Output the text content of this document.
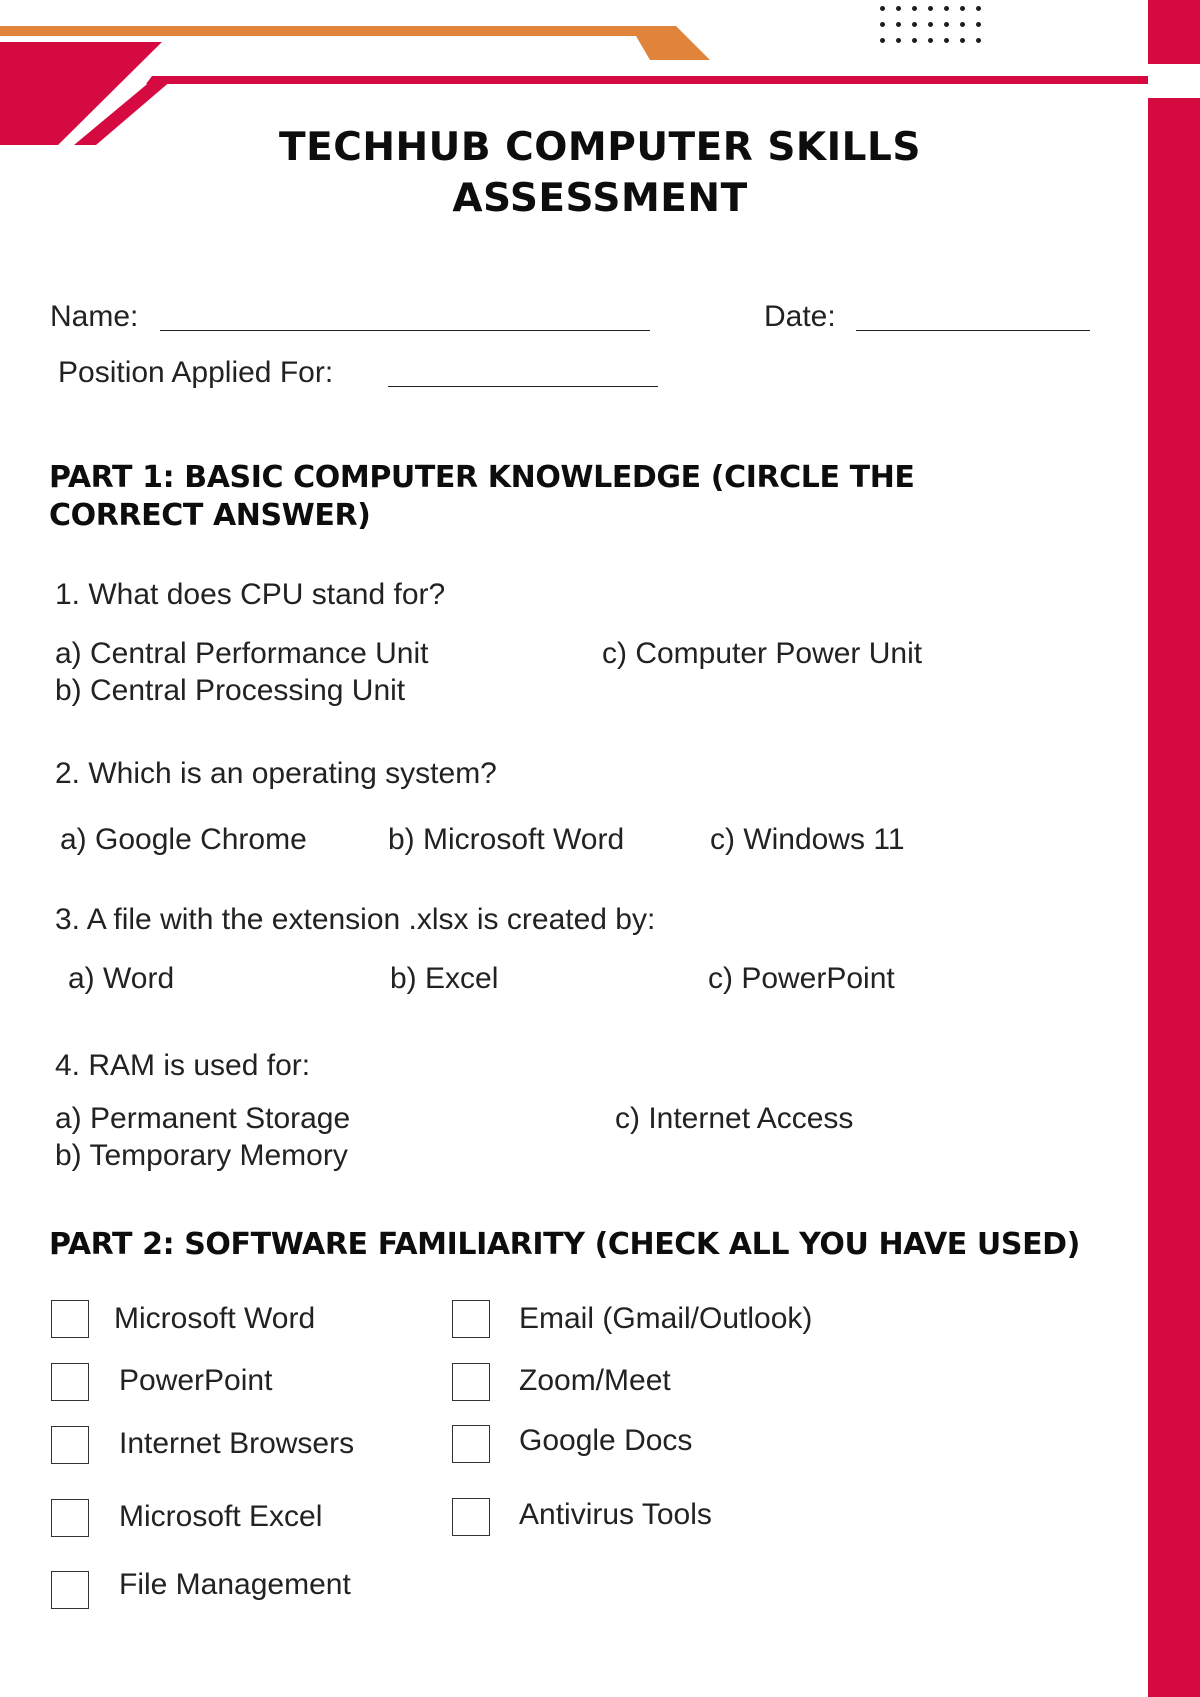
TECHHUB COMPUTER SKILLS
ASSESSMENT
Name:	Date:
Position Applied For:
PART 1: BASIC COMPUTER KNOWLEDGE (CIRCLE THE
CORRECT ANSWER)
1. What does CPU stand for?
a) Central Performance Unit
b) Central Processing Unit
c) Computer Power Unit
2. Which is an operating system?
a) Google Chrome	b) Microsoft Word	c) Windows 11
3. A file with the extension .xlsx is created by:
a) Word	b) Excel	c) PowerPoint
4. RAM is used for:
a) Permanent Storage
b) Temporary Memory
c) Internet Access
PART 2: SOFTWARE FAMILIARITY (CHECK ALL YOU HAVE USED)
Microsoft Word
PowerPoint
Internet Browsers
Microsoft Excel
File Management
Email (Gmail/Outlook)
Zoom/Meet
Google Docs
Antivirus Tools
